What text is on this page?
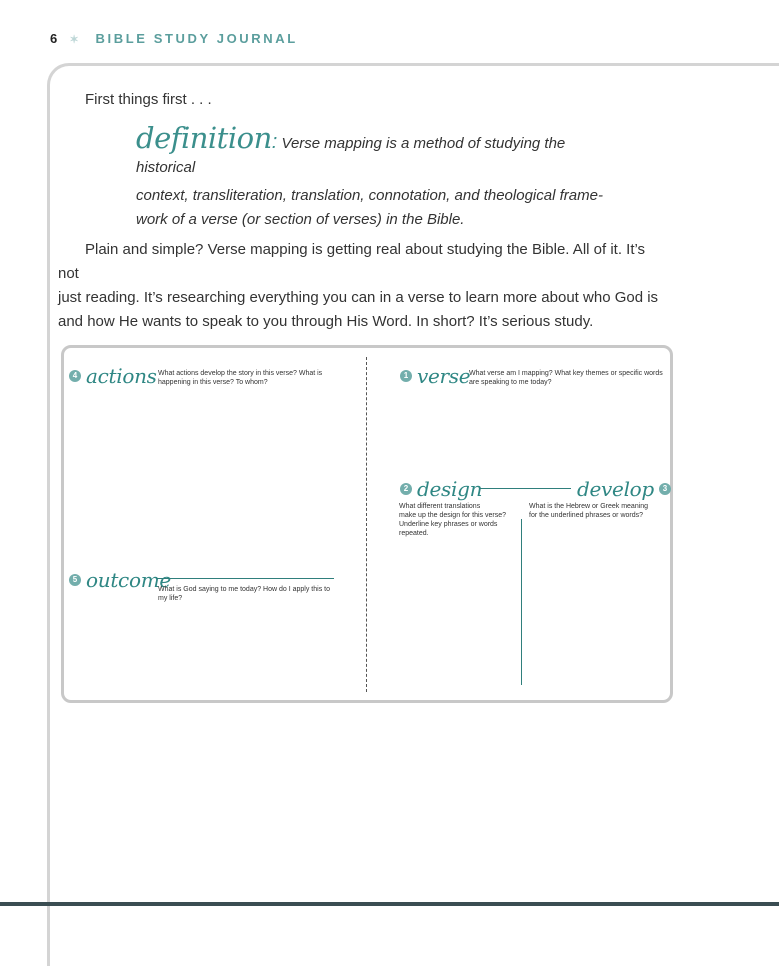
6 ✶ BIBLE STUDY JOURNAL
First things first . . .
definition: Verse mapping is a method of studying the historical
context, transliteration, translation, connotation, and theological frame-
work of a verse (or section of verses) in the Bible.
Plain and simple? Verse mapping is getting real about studying the Bible. All of it. It’s not
just reading. It’s researching everything you can in a verse to learn more about who God is
and how He wants to speak to you through His Word. In short? It’s serious study.
4 actions What actions develop the story in this verse? What is
happening in this verse? To whom?
5 outcome
What is God saying to me today? How do I apply this to
my life?
1 verse
What verse am I mapping? What key themes or specific words
are speaking to me today?
2 design
What different translations
make up the design for this verse?
Underline key phrases or words
repeated.
develop	3
What is the Hebrew or Greek meaning
for the underlined phrases or words?
